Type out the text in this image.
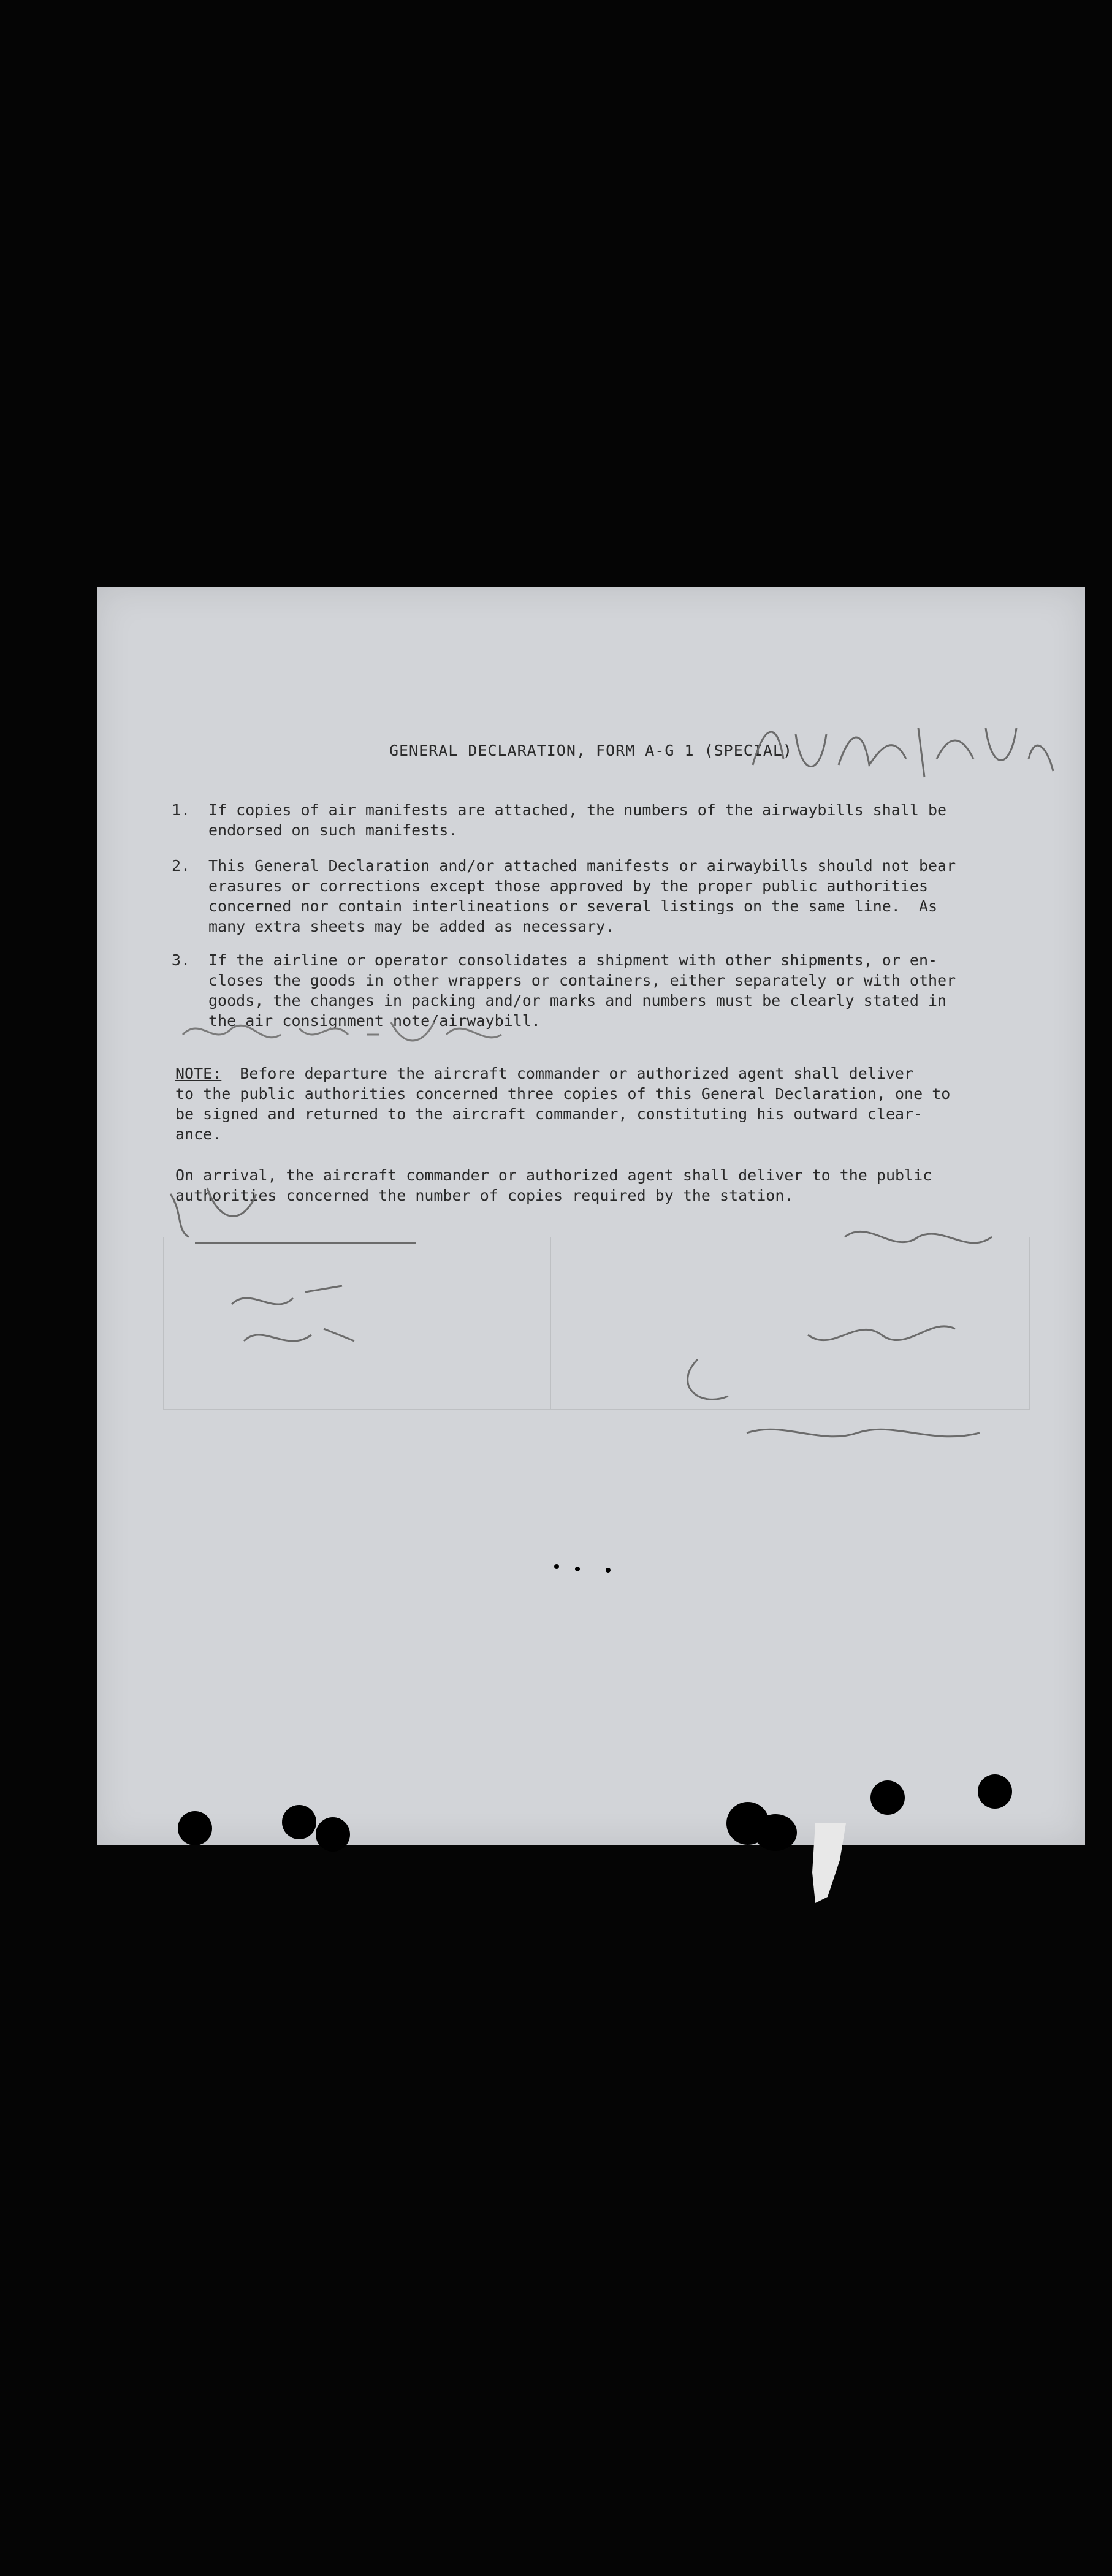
GENERAL DECLARATION, FORM A-G 1 (SPECIAL)
1. If copies of air manifests are attached, the numbers of the airwaybills shall be
endorsed on such manifests.
2. This General Declaration and/or attached manifests or airwaybills should not bear
erasures or corrections except those approved by the proper public authorities
concerned nor contain interlineations or several listings on the same line.  As
many extra sheets may be added as necessary.
3. If the airline or operator consolidates a shipment with other shipments, or en-
closes the goods in other wrappers or containers, either separately or with other
goods, the changes in packing and/or marks and numbers must be clearly stated in
the air consignment note/airwaybill.
NOTE: Before departure the aircraft commander or authorized agent shall deliver
to the public authorities concerned three copies of this General Declaration, one to
be signed and returned to the aircraft commander, constituting his outward clear-
ance.
On arrival, the aircraft commander or authorized agent shall deliver to the public
authorities concerned the number of copies required by the station.
